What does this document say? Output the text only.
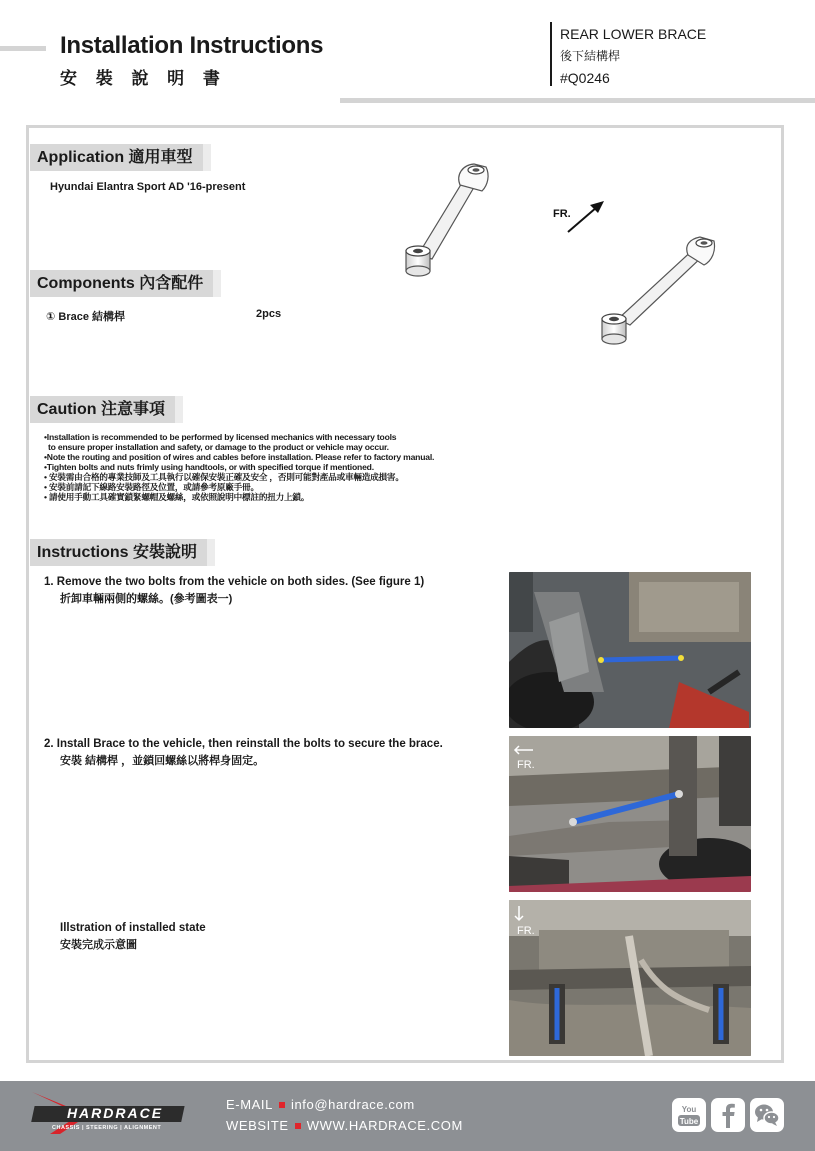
Installation Instructions
安 裝 說 明 書
REAR LOWER BRACE
後下結構桿
#Q0246
Application 適用車型
Hyundai Elantra Sport AD '16-present
FR.
Components 內含配件
① Brace 結構桿	2pcs
Caution 注意事項
•Installation is recommended to be performed by licensed mechanics with necessary tools
to ensure proper installation and safety, or damage to the product or vehicle may occur.
•Note the routing and position of wires and cables before installation. Please refer to factory manual.
•Tighten bolts and nuts frimly using handtools, or with specified torque if mentioned.
• 安裝需由合格的專業技師及工具執行以確保安裝正確及安全 ，否則可能對產品或車輛造成損害。
• 安裝前請記下線路安裝路徑及位置，或請參考原廠手冊。
• 請使用手動工具確實鎖緊螺帽及螺絲，或依照說明中標註的扭力上鎖。
Instructions 安裝說明
1. Remove the two bolts from the vehicle on both sides. (See figure 1)
折卸車輛兩側的螺絲。(參考圖表一)
2. Install Brace to the vehicle, then reinstall the bolts to secure the brace.
安裝 結構桿 ，並鎖回螺絲以將桿身固定。
Illstration of installed state
安裝完成示意圖
FR.
FR.
HARDRACE
CHASSIS | STEERING | ALIGNMENT
E-MAIL info@hardrace.com
WEBSITE WWW.HARDRACE.COM
You
Tube
